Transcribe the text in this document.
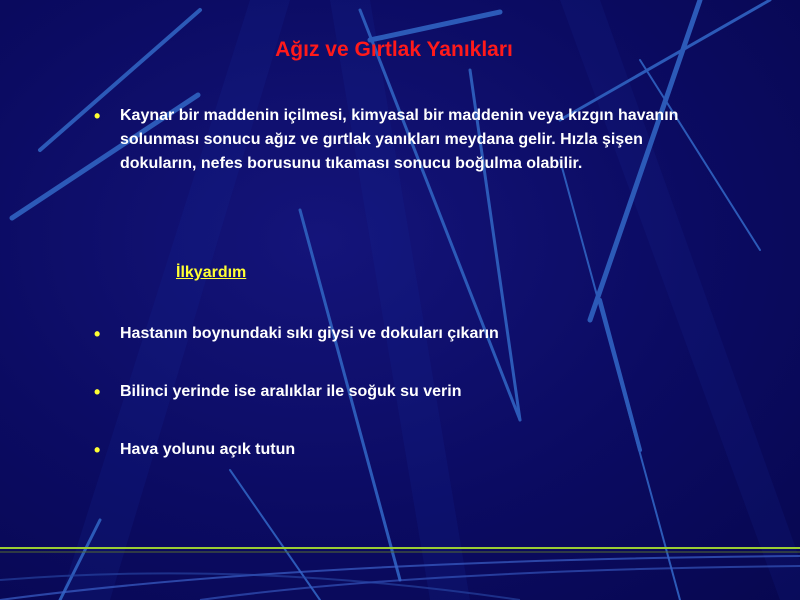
Ağız ve Gırtlak Yanıkları
• Kaynar bir maddenin içilmesi, kimyasal bir maddenin veya kızgın havanın solunması sonucu ağız ve gırtlak yanıkları meydana gelir. Hızla şişen dokuların, nefes borusunu tıkaması sonucu boğulma olabilir.
İlkyardım
• Hastanın boynundaki sıkı giysi ve dokuları çıkarın
• Bilinci yerinde ise aralıklar ile soğuk su verin
• Hava yolunu açık tutun
